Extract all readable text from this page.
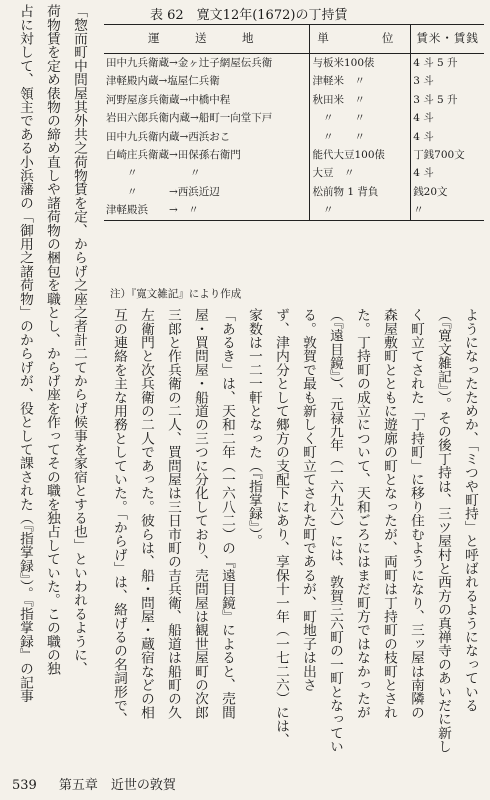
表 62　寛文12年(1672)の丁持賃
運　送　地	単　　位	賃米・賃銭
田中九兵衛蔵→金ヶ辻子網屋伝兵衛	与板米100俵	4 斗 5 升
津軽殿内蔵→塩屋仁兵衛	津軽米　〃	3 斗
河野屋彦兵衛蔵→中橋中程	秋田米　〃	3 斗 5 升
岩田六郎兵衛内蔵→船町一向堂下戸	　〃　　〃	4 斗
田中九兵衛内蔵→西浜おこ	　〃　　〃	4 斗
白崎庄兵衛蔵→田保孫右衛門	能代大豆100俵	丁銭700文
　　〃　　　　　〃	大豆　〃	4 斗
　　〃　　　→西浜近辺	松前物 1 背負	銭20文
津軽殿浜　　→　〃	　〃	〃
注）『寛文雑記』により作成
ようになったためか、「ミつや町持」と呼ばれるようになっている
（『寛文雑記』）。その後丁持は、三ツ屋村と西方の真禅寺のあいだに新し
く町立てされた「丁持町」に移り住むようになり、三ッ屋は南隣の
森屋敷町とともに遊廓の町となったが、両町は丁持町の枝町とされ
た。丁持町の成立について、天和ごろにはまだ町方ではなかったが
（『遠目鏡』）、元禄九年（一六九六）には、敦賀三六町の一町となってい
る。敦賀で最も新しく町立てされた町であるが、町地子は出さ
ず、津内分として郷方の支配下にあり、享保十一年（一七二六）には、
家数は一二一軒となった（『指掌録』）。
「あるき」は、天和二年（一六八二）の『遠目鏡』によると、売間
屋・買問屋・船道の三つに分化しており、売問屋は観世屋町の次郎
三郎と作兵衛の二人、買問屋は三日市町の吉兵衛、船道は船町の久
左衛門と次兵衛の二人であった。彼らは、船・問屋・蔵宿などの相
互の連絡を主な用務としていた。「からげ」は、絡げるの名詞形で、
「惣而町中問屋其外共之荷物賃を定、からげ之座之者計二てからげ候事を家宿とする也」といわれるように、
荷物賃を定め俵物の締め直しや諸荷物の梱包を職とし、からげ座を作ってその職を独占していた。この職の独
占に対して、領主である小浜藩の「御用之諸荷物」のからげが、役として課された（『指掌録』）。『指掌録』の記事
539 第五章　近世の敦賀
